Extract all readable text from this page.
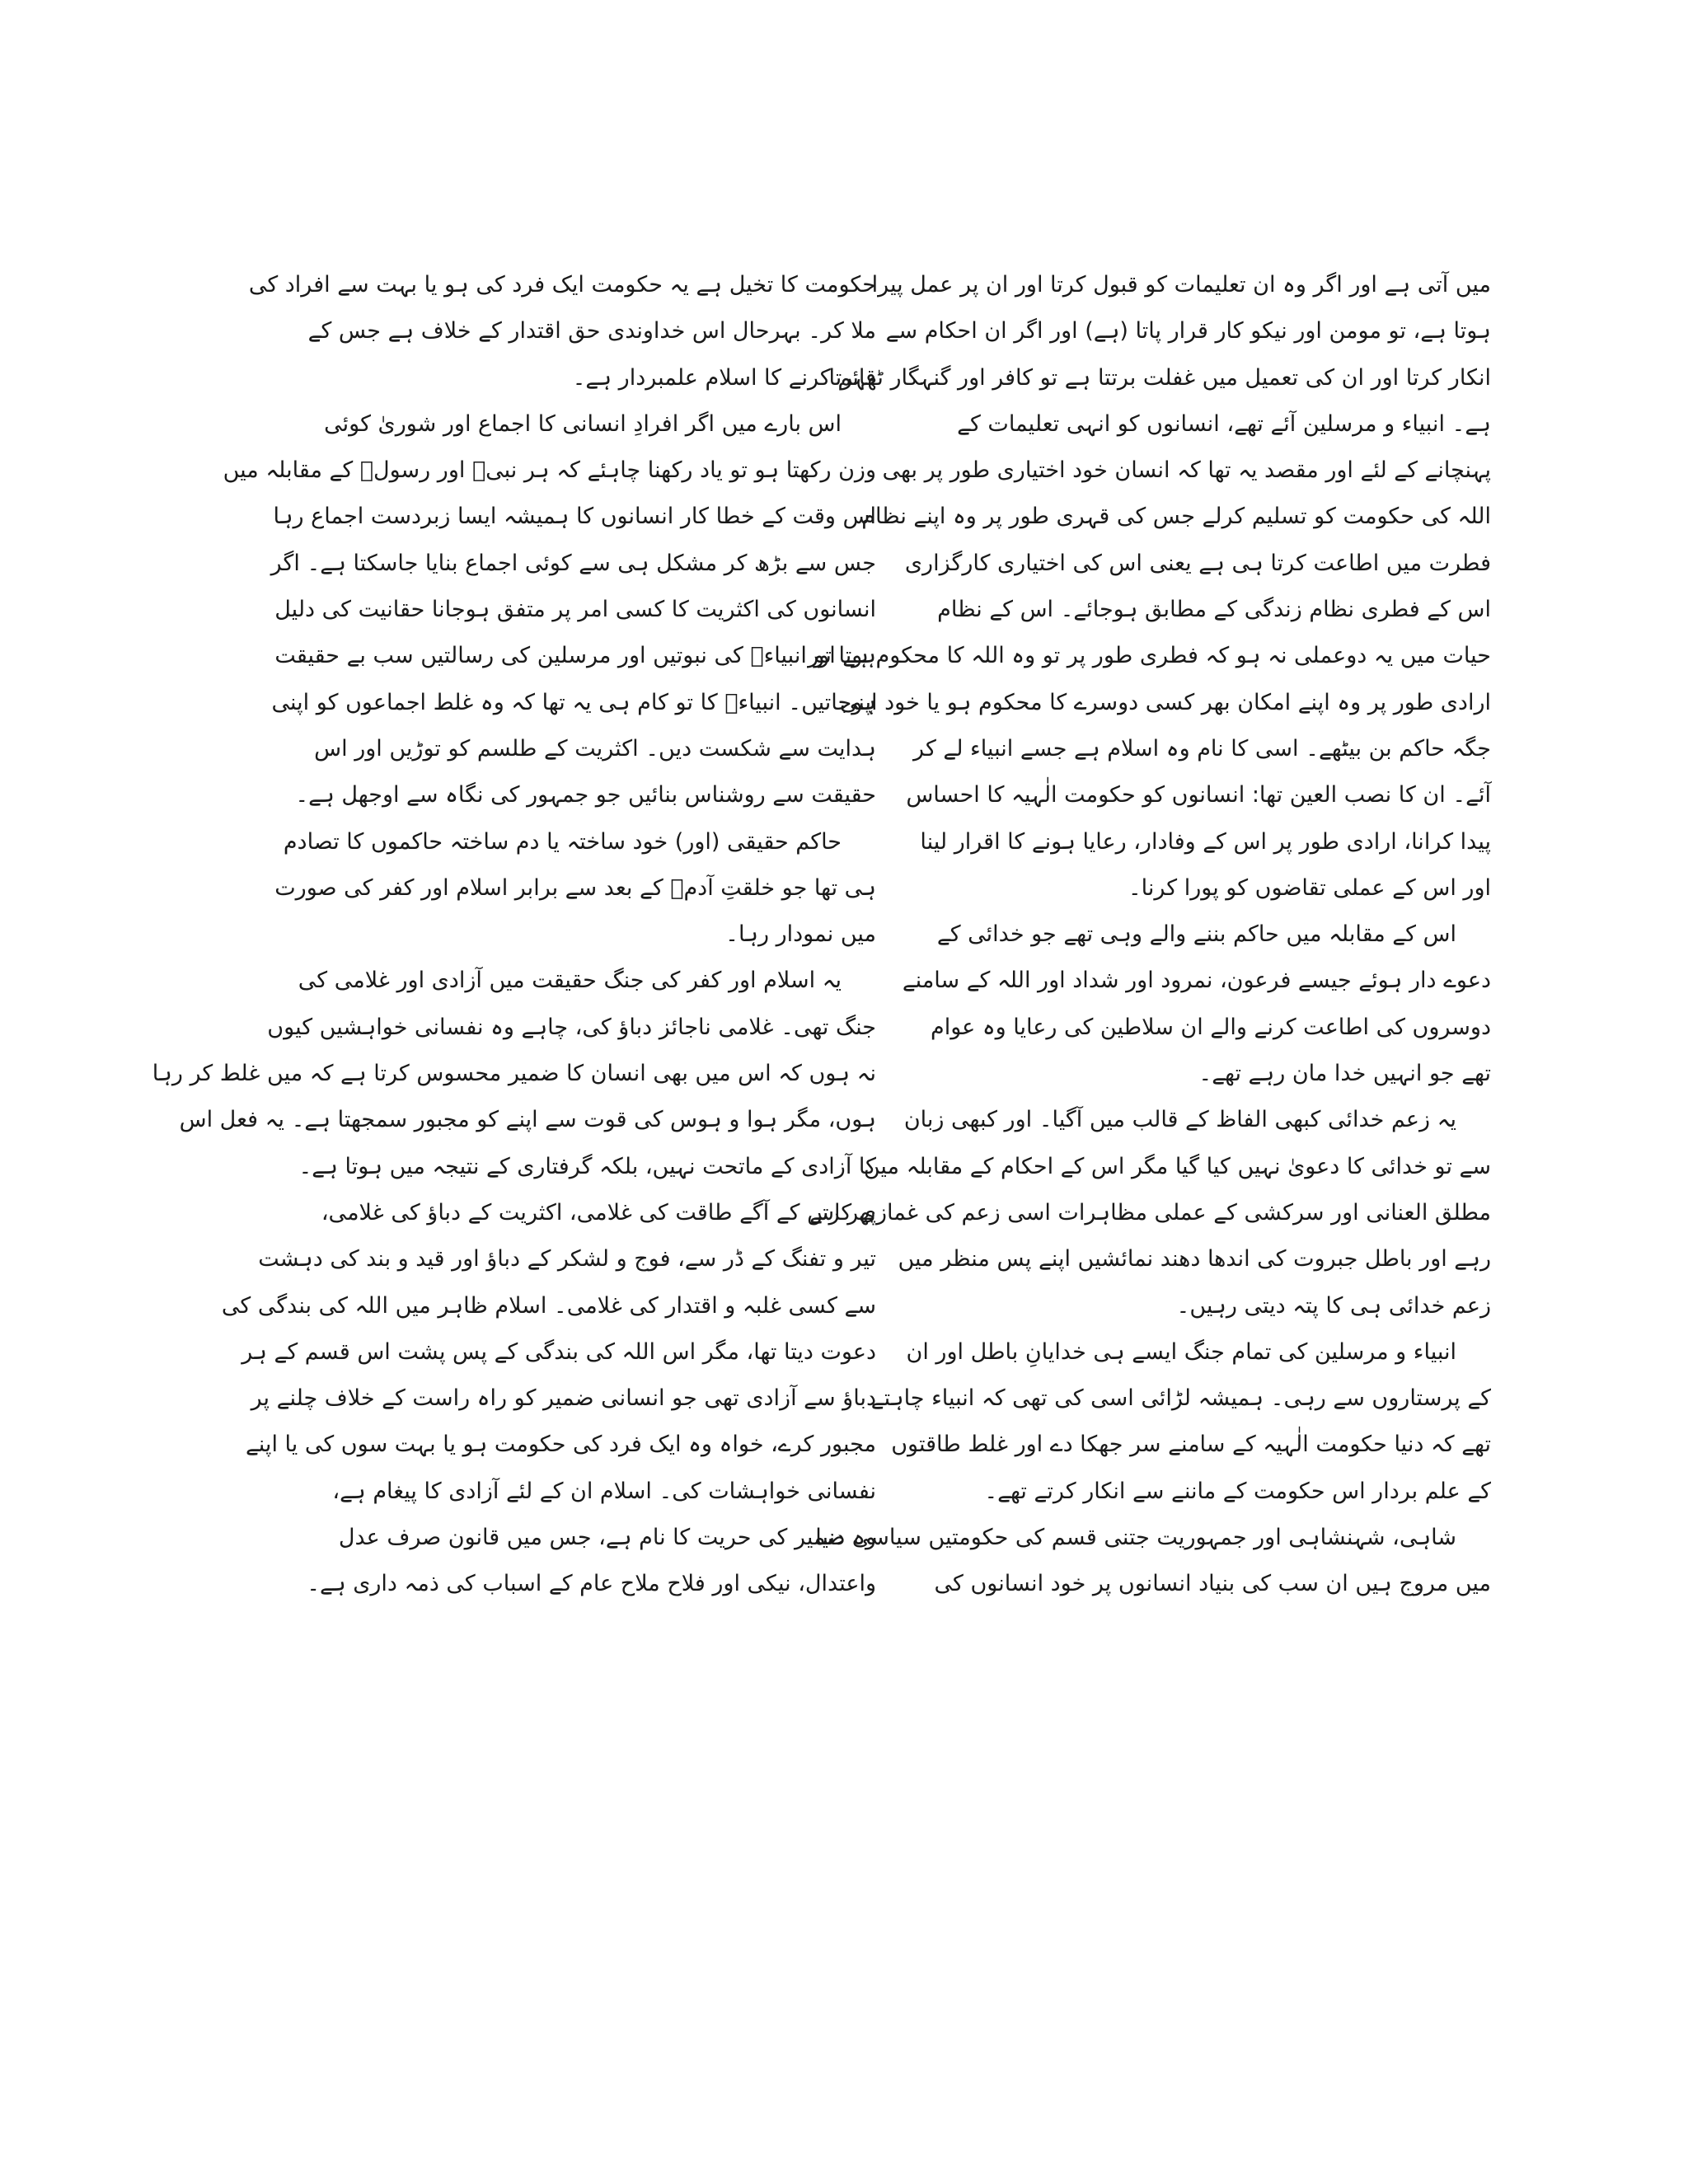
میں آتی ہے اور اگر وہ ان تعلیمات کو قبول کرتا اور ان پر عمل پیرا
ہوتا ہے، تو مومن اور نیکو کار قرار پاتا (ہے) اور اگر ان احکام سے
انکار کرتا اور ان کی تعمیل میں غفلت برتتا ہے تو کافر اور گنہگار ٹھہرتا
ہے۔ انبیاء و مرسلین آئے تھے، انسانوں کو انہی تعلیمات کے
پہنچانے کے لئے اور مقصد یہ تھا کہ انسان خود اختیاری طور پر بھی
اللہ کی حکومت کو تسلیم کرلے جس کی قہری طور پر وہ اپنے نظام
فطرت میں اطاعت کرتا ہی ہے یعنی اس کی اختیاری کارگزاری
اس کے فطری نظام زندگی کے مطابق ہوجائے۔ اس کے نظام
حیات میں یہ دوعملی نہ ہو کہ فطری طور پر تو وہ اللہ کا محکوم ہے اور
ارادی طور پر وہ اپنے امکان بھر کسی دوسرے کا محکوم ہو یا خود اپنی
جگہ حاکم بن بیٹھے۔ اسی کا نام وہ اسلام ہے جسے انبیاء لے کر
آئے۔ ان کا نصب العین تھا: انسانوں کو حکومت الٰہیہ کا احساس
پیدا کرانا، ارادی طور پر اس کے وفادار، رعایا ہونے کا اقرار لینا
اور اس کے عملی تقاضوں کو پورا کرنا۔
اس کے مقابلہ میں حاکم بننے والے وہی تھے جو خدائی کے
دعوے دار ہوئے جیسے فرعون، نمرود اور شداد اور اللہ کے سامنے
دوسروں کی اطاعت کرنے والے ان سلاطین کی رعایا وہ عوام
تھے جو انہیں خدا مان رہے تھے۔
یہ زعم خدائی کبھی الفاظ کے قالب میں آگیا۔ اور کبھی زبان
سے تو خدائی کا دعویٰ نہیں کیا گیا مگر اس کے احکام کے مقابلہ میں
مطلق العنانی اور سرکشی کے عملی مظاہرات اسی زعم کی غمازی کرتے
رہے اور باطل جبروت کی اندھا دھند نمائشیں اپنے پس منظر میں
زعم خدائی ہی کا پتہ دیتی رہیں۔
انبیاء و مرسلین کی تمام جنگ ایسے ہی خدایانِ باطل اور ان
کے پرستاروں سے رہی۔ ہمیشہ لڑائی اسی کی تھی کہ انبیاء چاہتے
تھے کہ دنیا حکومت الٰہیہ کے سامنے سر جھکا دے اور غلط طاقتوں
کے علم بردار اس حکومت کے ماننے سے انکار کرتے تھے۔
شاہی، شہنشاہی اور جمہوریت جتنی قسم کی حکومتیں سیاسی دنیا
میں مروج ہیں ان سب کی بنیاد انسانوں پر خود انسانوں کی
حکومت کا تخیل ہے یہ حکومت ایک فرد کی ہو یا بہت سے افراد کی
ملا کر۔ بہرحال اس خداوندی حق اقتدار کے خلاف ہے جس کے
قائم کرنے کا اسلام علمبردار ہے۔
اس بارے میں اگر افرادِ انسانی کا اجماع اور شوریٰ کوئی
وزن رکھتا ہو تو یاد رکھنا چاہئے کہ ہر نبیؑ اور رسولؐ کے مقابلہ میں
اس وقت کے خطا کار انسانوں کا ہمیشہ ایسا زبردست اجماع رہا
جس سے بڑھ کر مشکل ہی سے کوئی اجماع بنایا جاسکتا ہے۔ اگر
انسانوں کی اکثریت کا کسی امر پر متفق ہوجانا حقانیت کی دلیل
ہوتا تو انبیاءؑ کی نبوتیں اور مرسلین کی رسالتیں سب بے حقیقت
ہوجاتیں۔ انبیاءؑ کا تو کام ہی یہ تھا کہ وہ غلط اجماعوں کو اپنی
ہدایت سے شکست دیں۔ اکثریت کے طلسم کو توڑیں اور اس
حقیقت سے روشناس بنائیں جو جمہور کی نگاہ سے اوجھل ہے۔
حاکم حقیقی (اور) خود ساختہ یا دم ساختہ حاکموں کا تصادم
ہی تھا جو خلقتِ آدمؑ کے بعد سے برابر اسلام اور کفر کی صورت
میں نمودار رہا۔
یہ اسلام اور کفر کی جنگ حقیقت میں آزادی اور غلامی کی
جنگ تھی۔ غلامی ناجائز دباؤ کی، چاہے وہ نفسانی خواہشیں کیوں
نہ ہوں کہ اس میں بھی انسان کا ضمیر محسوس کرتا ہے کہ میں غلط کر رہا
ہوں، مگر ہوا و ہوس کی قوت سے اپنے کو مجبور سمجھتا ہے۔ یہ فعل اس
کا آزادی کے ماتحت نہیں، بلکہ گرفتاری کے نتیجہ میں ہوتا ہے۔
پھر اس کے آگے طاقت کی غلامی، اکثریت کے دباؤ کی غلامی،
تیر و تفنگ کے ڈر سے، فوج و لشکر کے دباؤ اور قید و بند کی دہشت
سے کسی غلبہ و اقتدار کی غلامی۔ اسلام ظاہر میں اللہ کی بندگی کی
دعوت دیتا تھا، مگر اس اللہ کی بندگی کے پس پشت اس قسم کے ہر
دباؤ سے آزادی تھی جو انسانی ضمیر کو راہ راست کے خلاف چلنے پر
مجبور کرے، خواہ وہ ایک فرد کی حکومت ہو یا بہت سوں کی یا اپنے
نفسانی خواہشات کی۔ اسلام ان کے لئے آزادی کا پیغام ہے،
وہ ضمیر کی حریت کا نام ہے، جس میں قانون صرف عدل
واعتدال، نیکی اور فلاح ملاح عام کے اسباب کی ذمہ داری ہے۔
